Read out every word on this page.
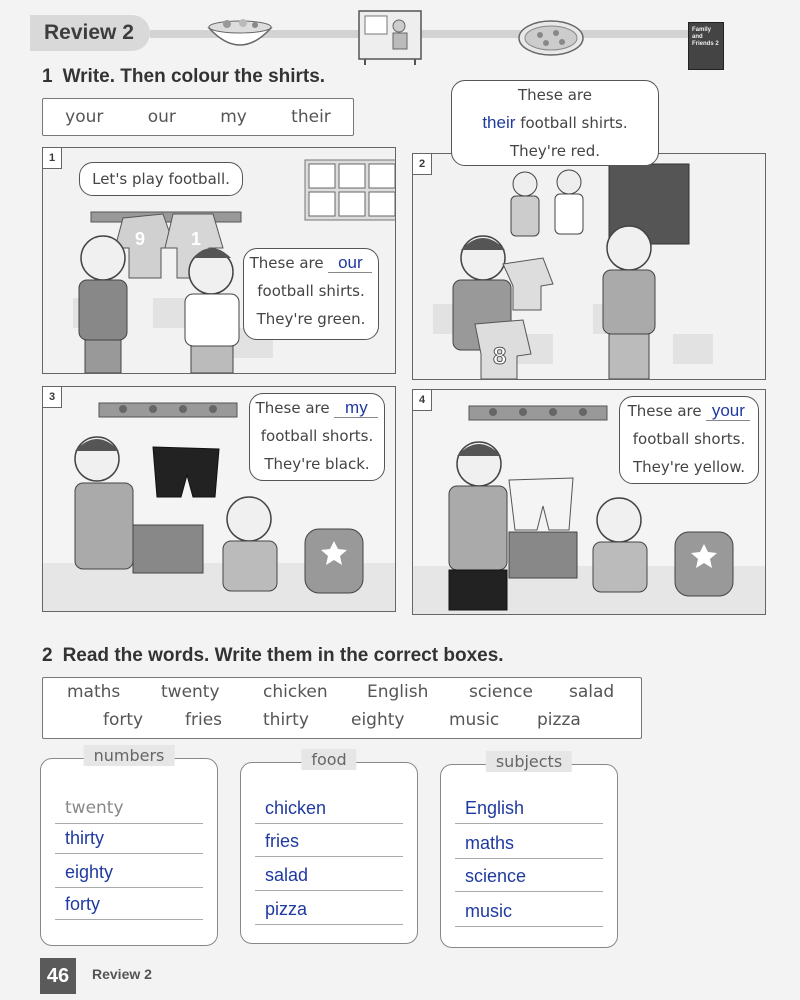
Review 2	Family and Friends 2
1 Write. Then colour the shirts.
your	our	my	their
1
9	1
Let's play football.
These are our
football shirts.
They're green.
2
8
These are
their football shirts.
They're red.
3
These are my
football shorts.
They're black.
4
These are your
football shorts.
They're yellow.
2 Read the words. Write them in the correct boxes.
maths twenty	chicken English science salad
forty fries thirty eighty	music pizza
numbers
twenty
thirty
eighty
forty
food
chicken
fries
salad
pizza
subjects
English
maths
science
music
46	Review 2
